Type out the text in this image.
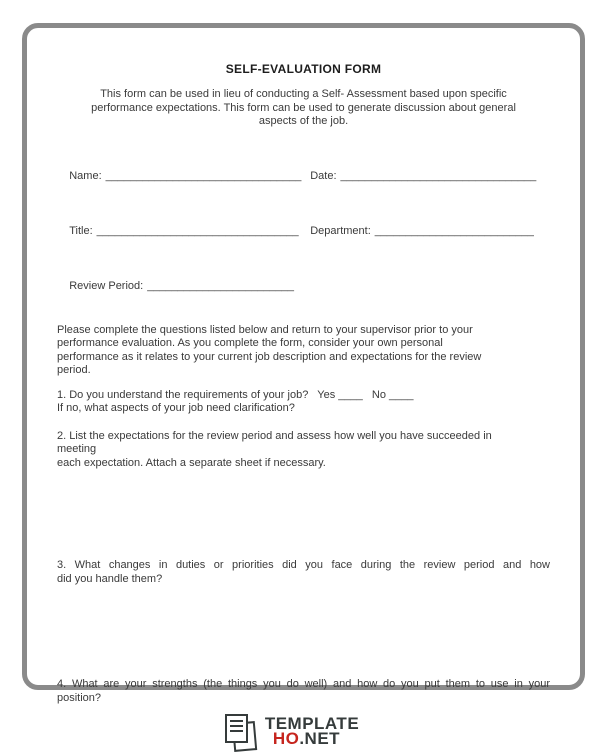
SELF-EVALUATION FORM
This form can be used in lieu of conducting a Self- Assessment based upon specific
performance expectations. This form can be used to generate discussion about general
aspects of the job.

Name: ________________________________ Date: ________________________________

Title: _________________________________ Department: __________________________

Review Period: ________________________

Please complete the questions listed below and return to your supervisor prior to your
performance evaluation. As you complete the form, consider your own personal
performance as it relates to your current job description and expectations for the review
period.
1. Do you understand the requirements of your job?   Yes ____   No ____
If no, what aspects of your job need clarification?
2. List the expectations for the review period and assess how well you have succeeded in
meeting
each expectation. Attach a separate sheet if necessary.
3. What changes in duties or priorities did you face during the review period and how
did you handle them?
4. What are your strengths (the things you do well) and how do you put them to use in your
position?
TEMPLATE
HO.NET
